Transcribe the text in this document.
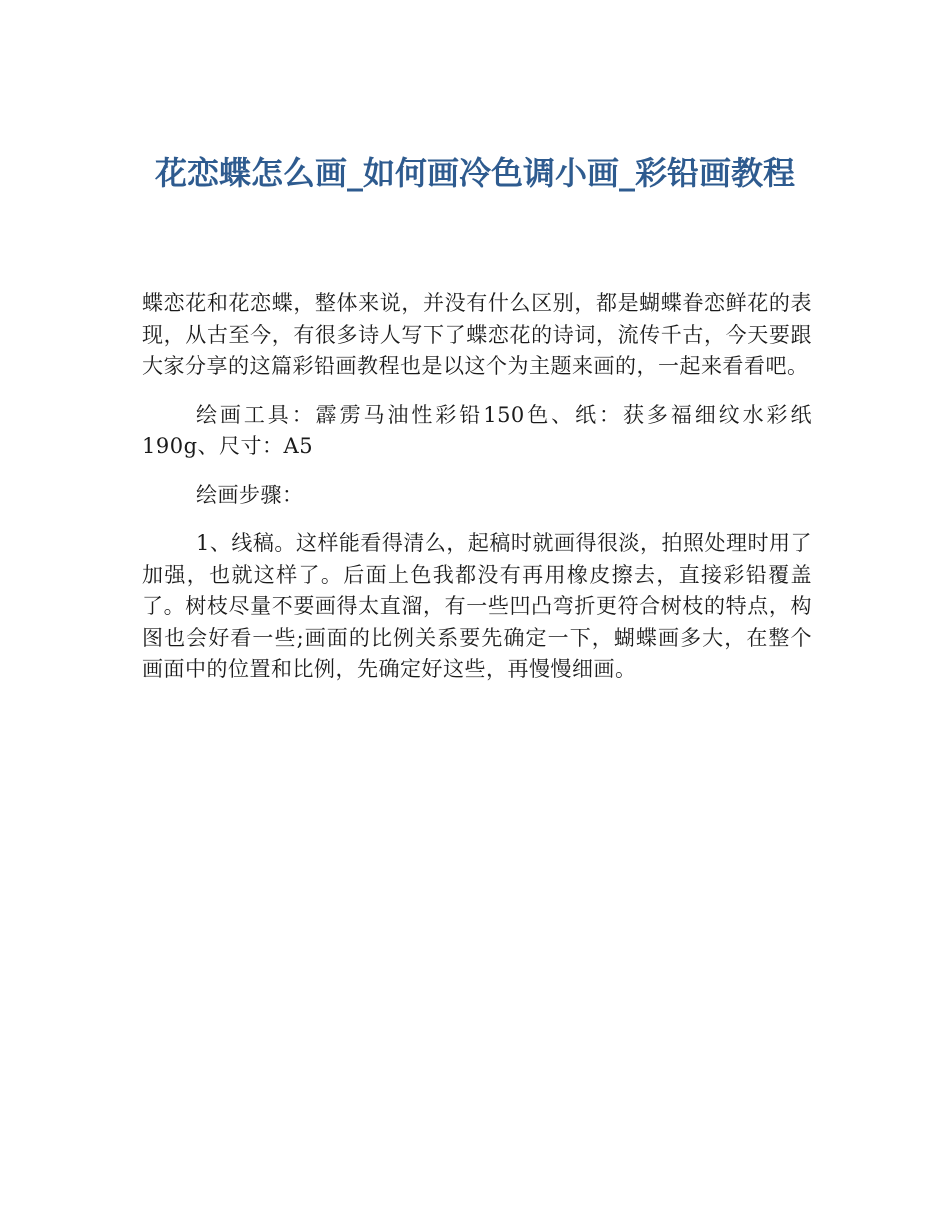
花恋蝶怎么画_如何画冷色调小画_彩铅画教程

蝶恋花和花恋蝶，整体来说，并没有什么区别，都是蝴蝶眷恋鲜花的表现，从古至今，有很多诗人写下了蝶恋花的诗词，流传千古，今天要跟大家分享的这篇彩铅画教程也是以这个为主题来画的，一起来看看吧。

绘画工具：霹雳马油性彩铅150色、纸：获多福细纹水彩纸190g、尺寸：A5

绘画步骤：

1、线稿。这样能看得清么，起稿时就画得很淡，拍照处理时用了加强，也就这样了。后面上色我都没有再用橡皮擦去，直接彩铅覆盖了。树枝尽量不要画得太直溜，有一些凹凸弯折更符合树枝的特点，构图也会好看一些;画面的比例关系要先确定一下，蝴蝶画多大，在整个画面中的位置和比例，先确定好这些，再慢慢细画。
